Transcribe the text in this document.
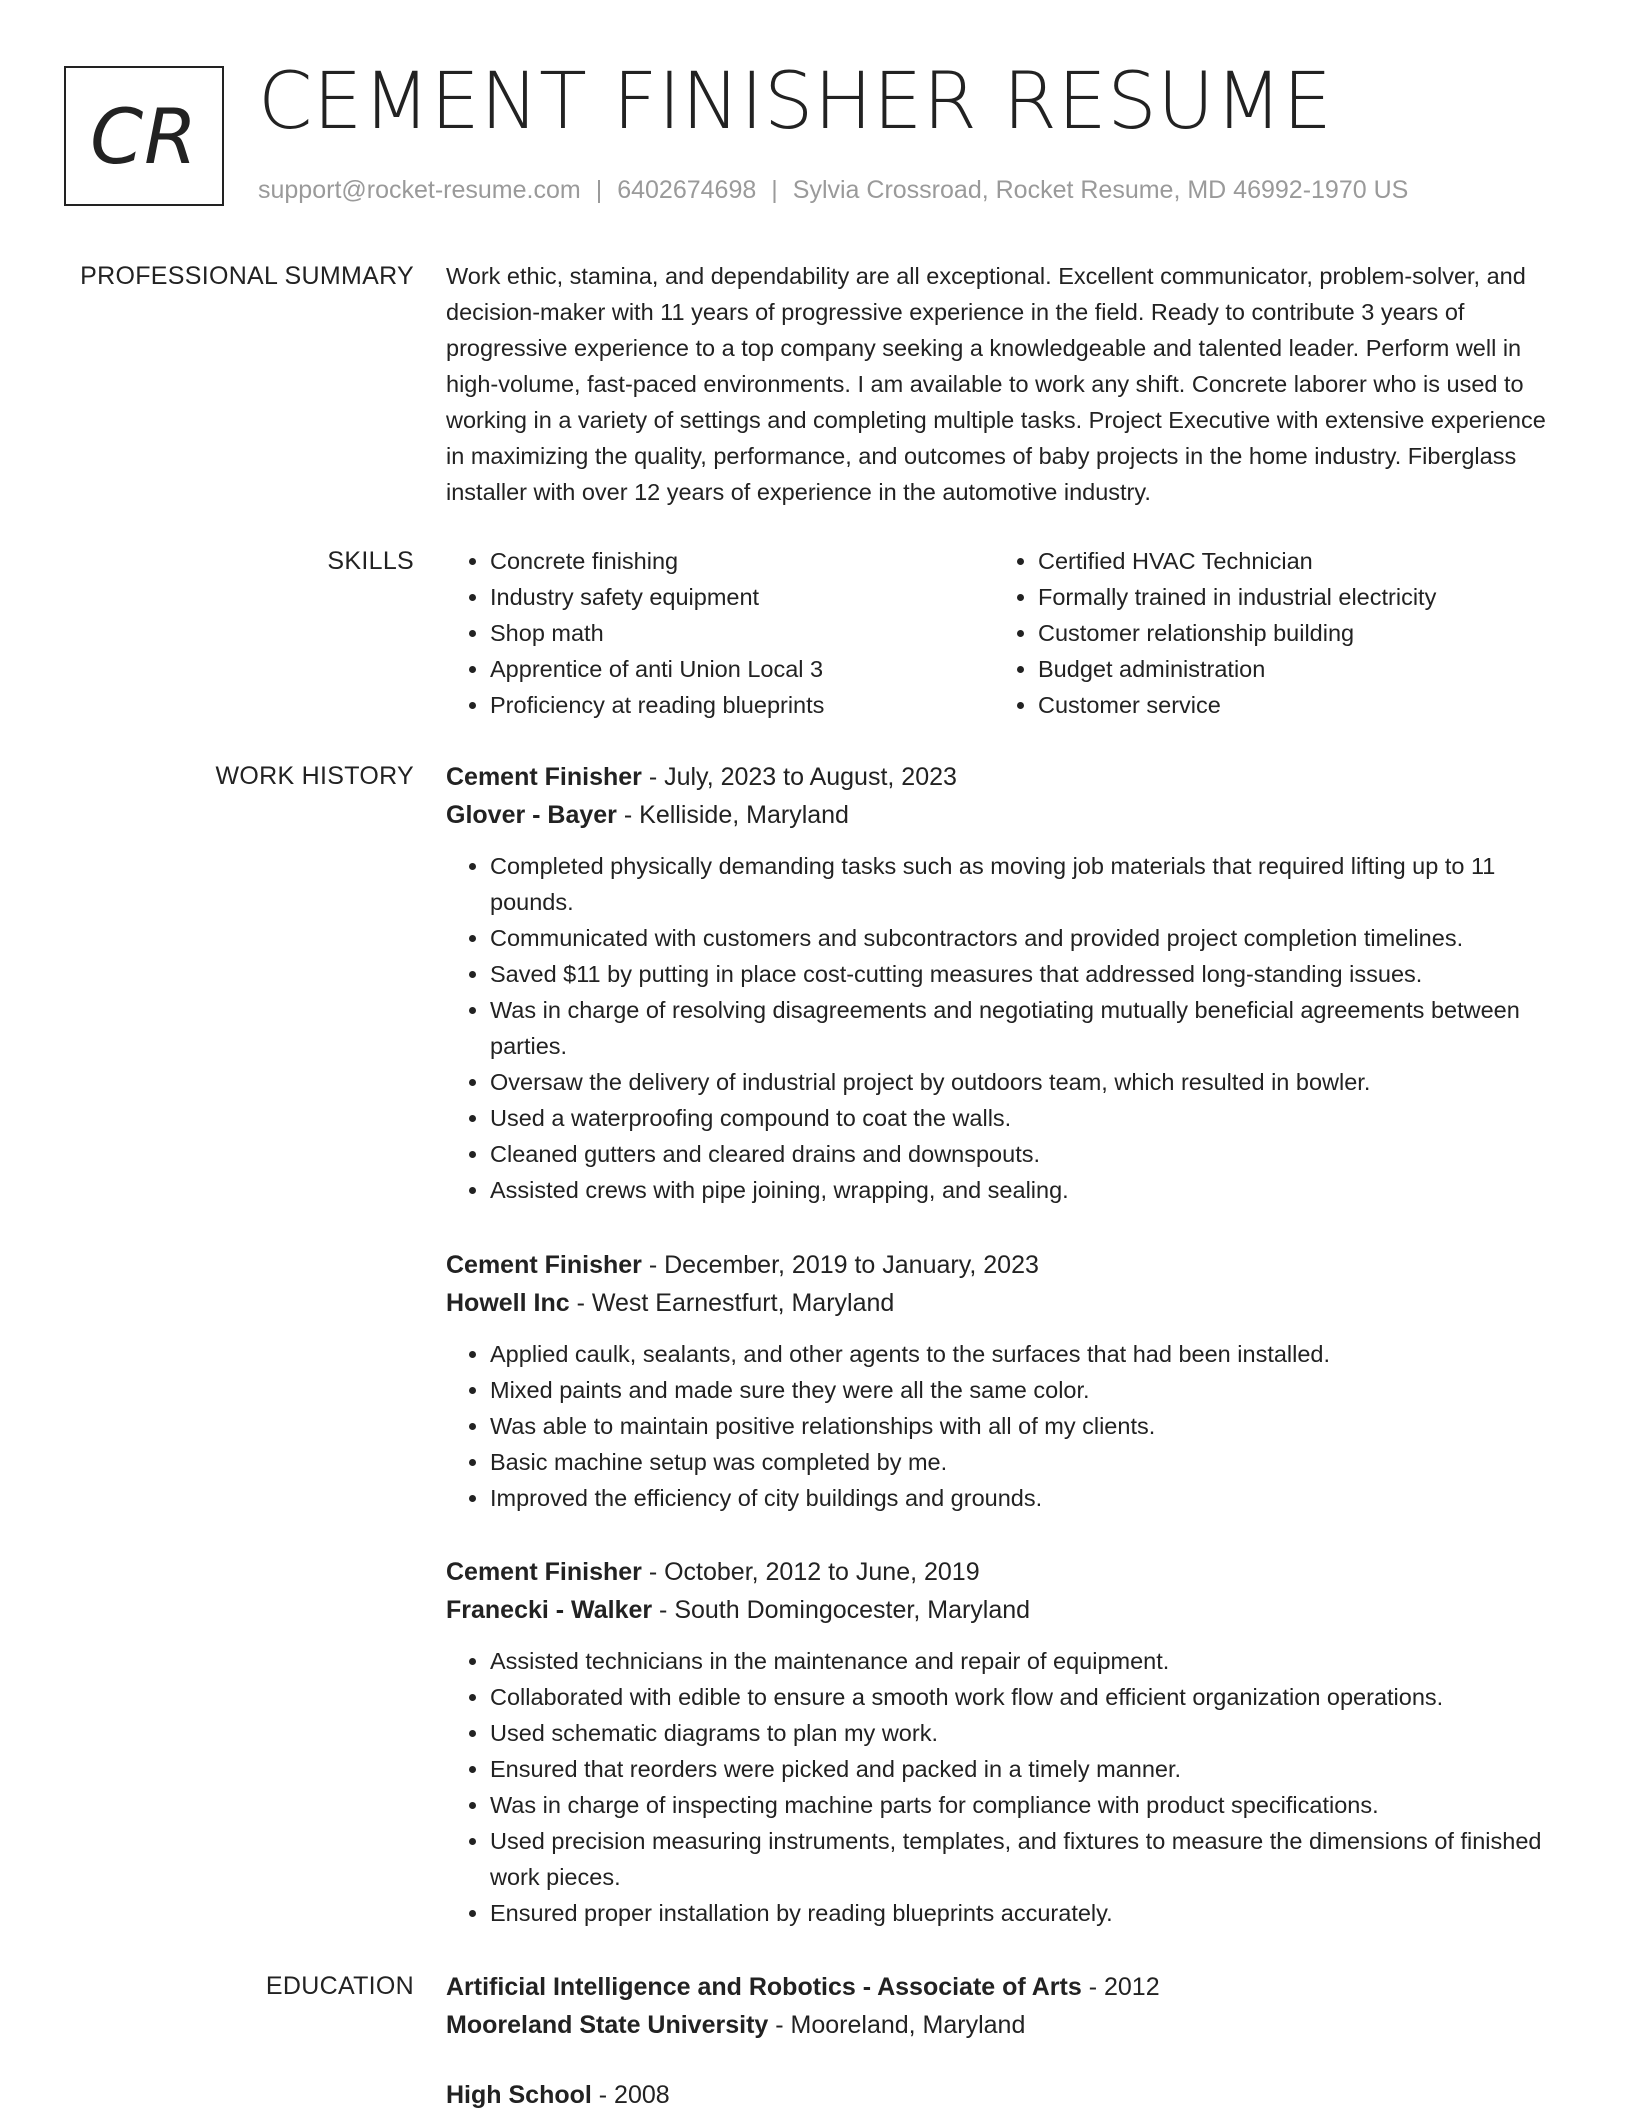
CR CEMENT FINISHER RESUME
support@rocket-resume.com | 6402674698 | Sylvia Crossroad, Rocket Resume, MD 46992-1970 US
PROFESSIONAL SUMMARY Work ethic, stamina, and dependability are all exceptional. Excellent communicator, problem-solver, and decision-maker with 11 years of progressive experience in the field. Ready to contribute 3 years of progressive experience to a top company seeking a knowledgeable and talented leader. Perform well in high-volume, fast-paced environments. I am available to work any shift. Concrete laborer who is used to working in a variety of settings and completing multiple tasks. Project Executive with extensive experience in maximizing the quality, performance, and outcomes of baby projects in the home industry. Fiberglass installer with over 12 years of experience in the automotive industry.

SKILLS
•	Concrete finishing
• Industry safety equipment
• Shop math
• Apprentice of anti Union Local 3
• Proficiency at reading blueprints
• Certified HVAC Technician
• Formally trained in industrial electricity
• Customer relationship building
• Budget administration
• Customer service
WORK HISTORY Cement Finisher - July, 2023 to August, 2023
Glover - Bayer - Kelliside, Maryland
• Completed physically demanding tasks such as moving job materials that required lifting up to 11 pounds.
• Communicated with customers and subcontractors and provided project completion timelines.
• Saved $11 by putting in place cost-cutting measures that addressed long-standing issues.
• Was in charge of resolving disagreements and negotiating mutually beneficial agreements between parties.
• Oversaw the delivery of industrial project by outdoors team, which resulted in bowler.
• Used a waterproofing compound to coat the walls.
• Cleaned gutters and cleared drains and downspouts.
• Assisted crews with pipe joining, wrapping, and sealing.
Cement Finisher - December, 2019 to January, 2023
Howell Inc - West Earnestfurt, Maryland
• Applied caulk, sealants, and other agents to the surfaces that had been installed.
• Mixed paints and made sure they were all the same color.
• Was able to maintain positive relationships with all of my clients.
• Basic machine setup was completed by me.
• Improved the efficiency of city buildings and grounds.
Cement Finisher - October, 2012 to June, 2019
Franecki - Walker - South Domingocester, Maryland
• Assisted technicians in the maintenance and repair of equipment.
• Collaborated with edible to ensure a smooth work flow and efficient organization operations.
• Used schematic diagrams to plan my work.
• Ensured that reorders were picked and packed in a timely manner.
• Was in charge of inspecting machine parts for compliance with product specifications.
• Used precision measuring instruments, templates, and fixtures to measure the dimensions of finished work pieces.
• Ensured proper installation by reading blueprints accurately.
EDUCATION Artificial Intelligence and Robotics - Associate of Arts - 2012
Mooreland State University - Mooreland, Maryland
High School - 2008
